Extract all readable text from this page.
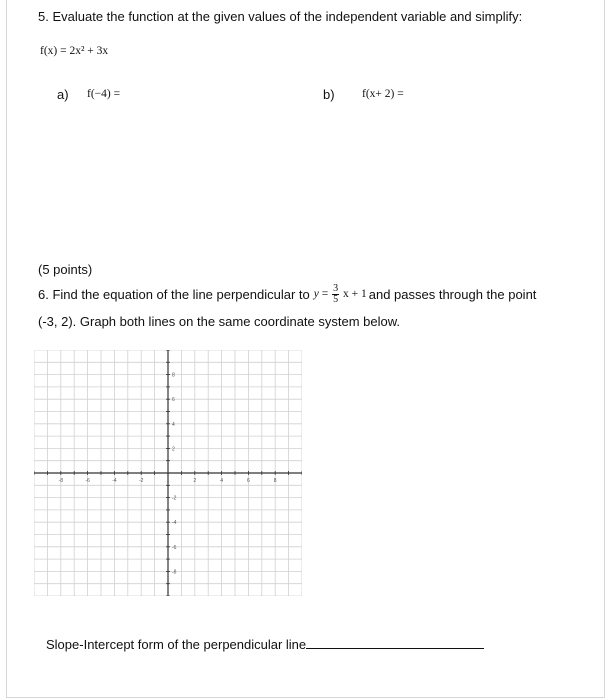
5. Evaluate the function at the given values of the independent variable and simplify:
f(x) = 2x² + 3x
a) f(−4) =	b) f(x+ 2) =
(5 points)
6. Find the equation of the line perpendicular to $y = \frac{3}{5}$ x + 1 and passes through the point
(-3, 2). Graph both lines on the same coordinate system below.
-8	-6	-4	-2	2	4	6	8
8
6
4
2
-2
-4
-6
-8
Slope-Intercept form of the perpendicular line
